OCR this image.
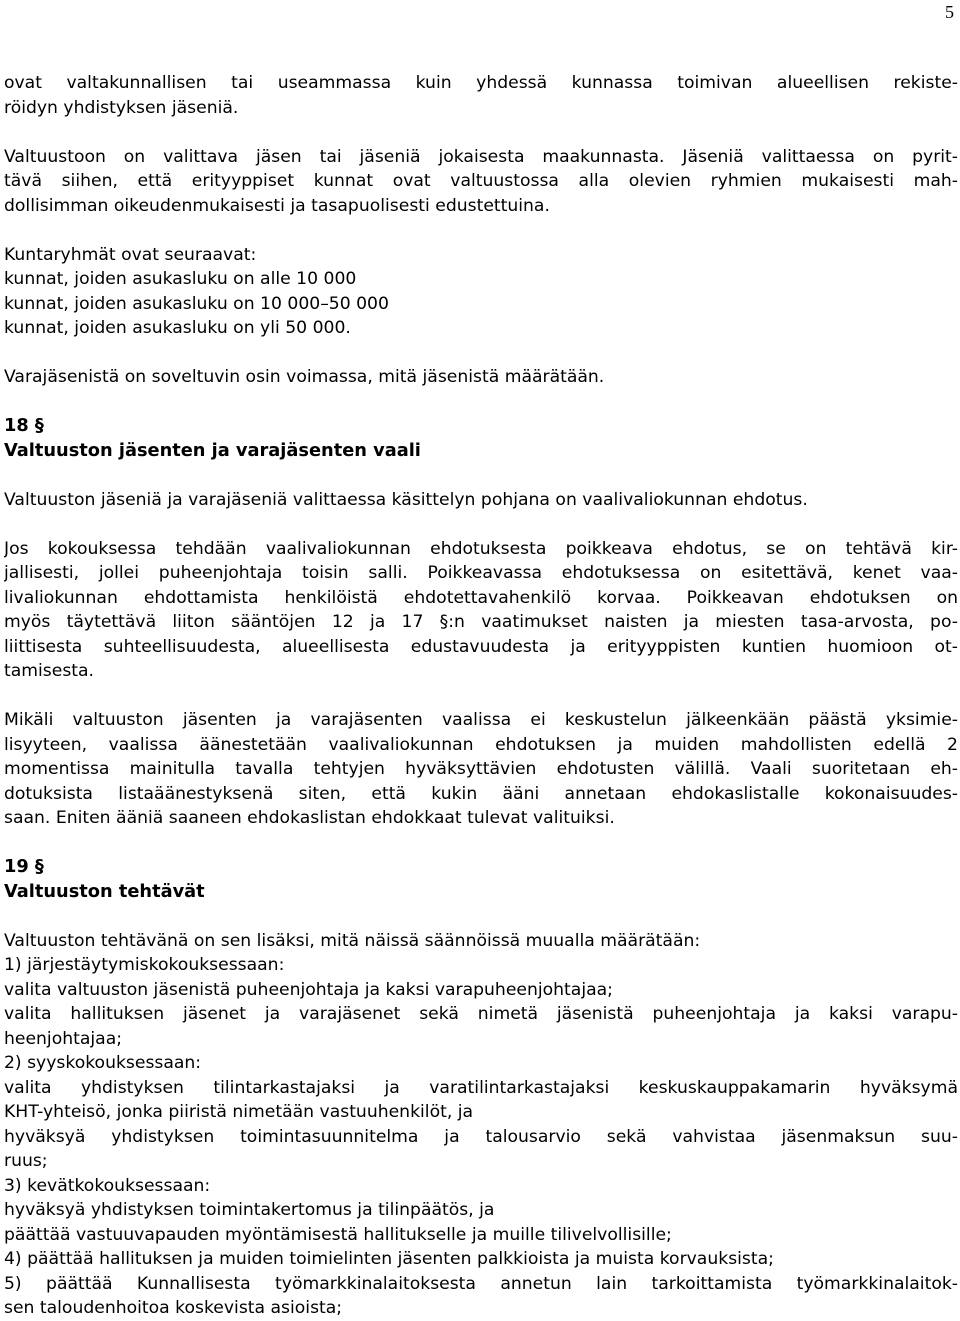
5
ovat valtakunnallisen tai useammassa kuin yhdessä kunnassa toimivan alueellisen rekiste-
röidyn yhdistyksen jäseniä.
Valtuustoon on valittava jäsen tai jäseniä jokaisesta maakunnasta. Jäseniä valittaessa on pyrit-
tävä siihen, että erityyppiset kunnat ovat valtuustossa alla olevien ryhmien mukaisesti mah-
dollisimman oikeudenmukaisesti ja tasapuolisesti edustettuina.
Kuntaryhmät ovat seuraavat:
kunnat, joiden asukasluku on alle 10 000
kunnat, joiden asukasluku on 10 000–50 000
kunnat, joiden asukasluku on yli 50 000.
Varajäsenistä on soveltuvin osin voimassa, mitä jäsenistä määrätään.
18 §
Valtuuston jäsenten ja varajäsenten vaali
Valtuuston jäseniä ja varajäseniä valittaessa käsittelyn pohjana on vaalivaliokunnan ehdotus.
Jos kokouksessa tehdään vaalivaliokunnan ehdotuksesta poikkeava ehdotus, se on tehtävä kir-
jallisesti, jollei puheenjohtaja toisin salli. Poikkeavassa ehdotuksessa on esitettävä, kenet vaa-
livaliokunnan ehdottamista henkilöistä ehdotettavahenkilö korvaa. Poikkeavan ehdotuksen on
myös täytettävä liiton sääntöjen 12 ja 17 §:n vaatimukset naisten ja miesten tasa-arvosta, po-
liittisesta suhteellisuudesta, alueellisesta edustavuudesta ja erityyppisten kuntien huomioon ot-
tamisesta.
Mikäli valtuuston jäsenten ja varajäsenten vaalissa ei keskustelun jälkeenkään päästä yksimie-
lisyyteen, vaalissa äänestetään vaalivaliokunnan ehdotuksen ja muiden mahdollisten edellä 2
momentissa mainitulla tavalla tehtyjen hyväksyttävien ehdotusten välillä. Vaali suoritetaan eh-
dotuksista listaäänestyksenä siten, että kukin ääni annetaan ehdokaslistalle kokonaisuudes-
saan. Eniten ääniä saaneen ehdokaslistan ehdokkaat tulevat valituiksi.
19 §
Valtuuston tehtävät
Valtuuston tehtävänä on sen lisäksi, mitä näissä säännöissä muualla määrätään:
1) järjestäytymiskokouksessaan:
valita valtuuston jäsenistä puheenjohtaja ja kaksi varapuheenjohtajaa;
valita hallituksen jäsenet ja varajäsenet sekä nimetä jäsenistä puheenjohtaja ja kaksi varapu-
heenjohtajaa;
2) syyskokouksessaan:
valita yhdistyksen tilintarkastajaksi ja varatilintarkastajaksi keskuskauppakamarin hyväksymä
KHT-yhteisö, jonka piiristä nimetään vastuuhenkilöt, ja
hyväksyä yhdistyksen toimintasuunnitelma ja talousarvio sekä vahvistaa jäsenmaksun suu-
ruus;
3) kevätkokouksessaan:
hyväksyä yhdistyksen toimintakertomus ja tilinpäätös, ja
päättää vastuuvapauden myöntämisestä hallitukselle ja muille tilivelvollisille;
4) päättää hallituksen ja muiden toimielinten jäsenten palkkioista ja muista korvauksista;
5) päättää Kunnallisesta työmarkkinalaitoksesta annetun lain tarkoittamista työmarkkinalaitok-
sen taloudenhoitoa koskevista asioista;
